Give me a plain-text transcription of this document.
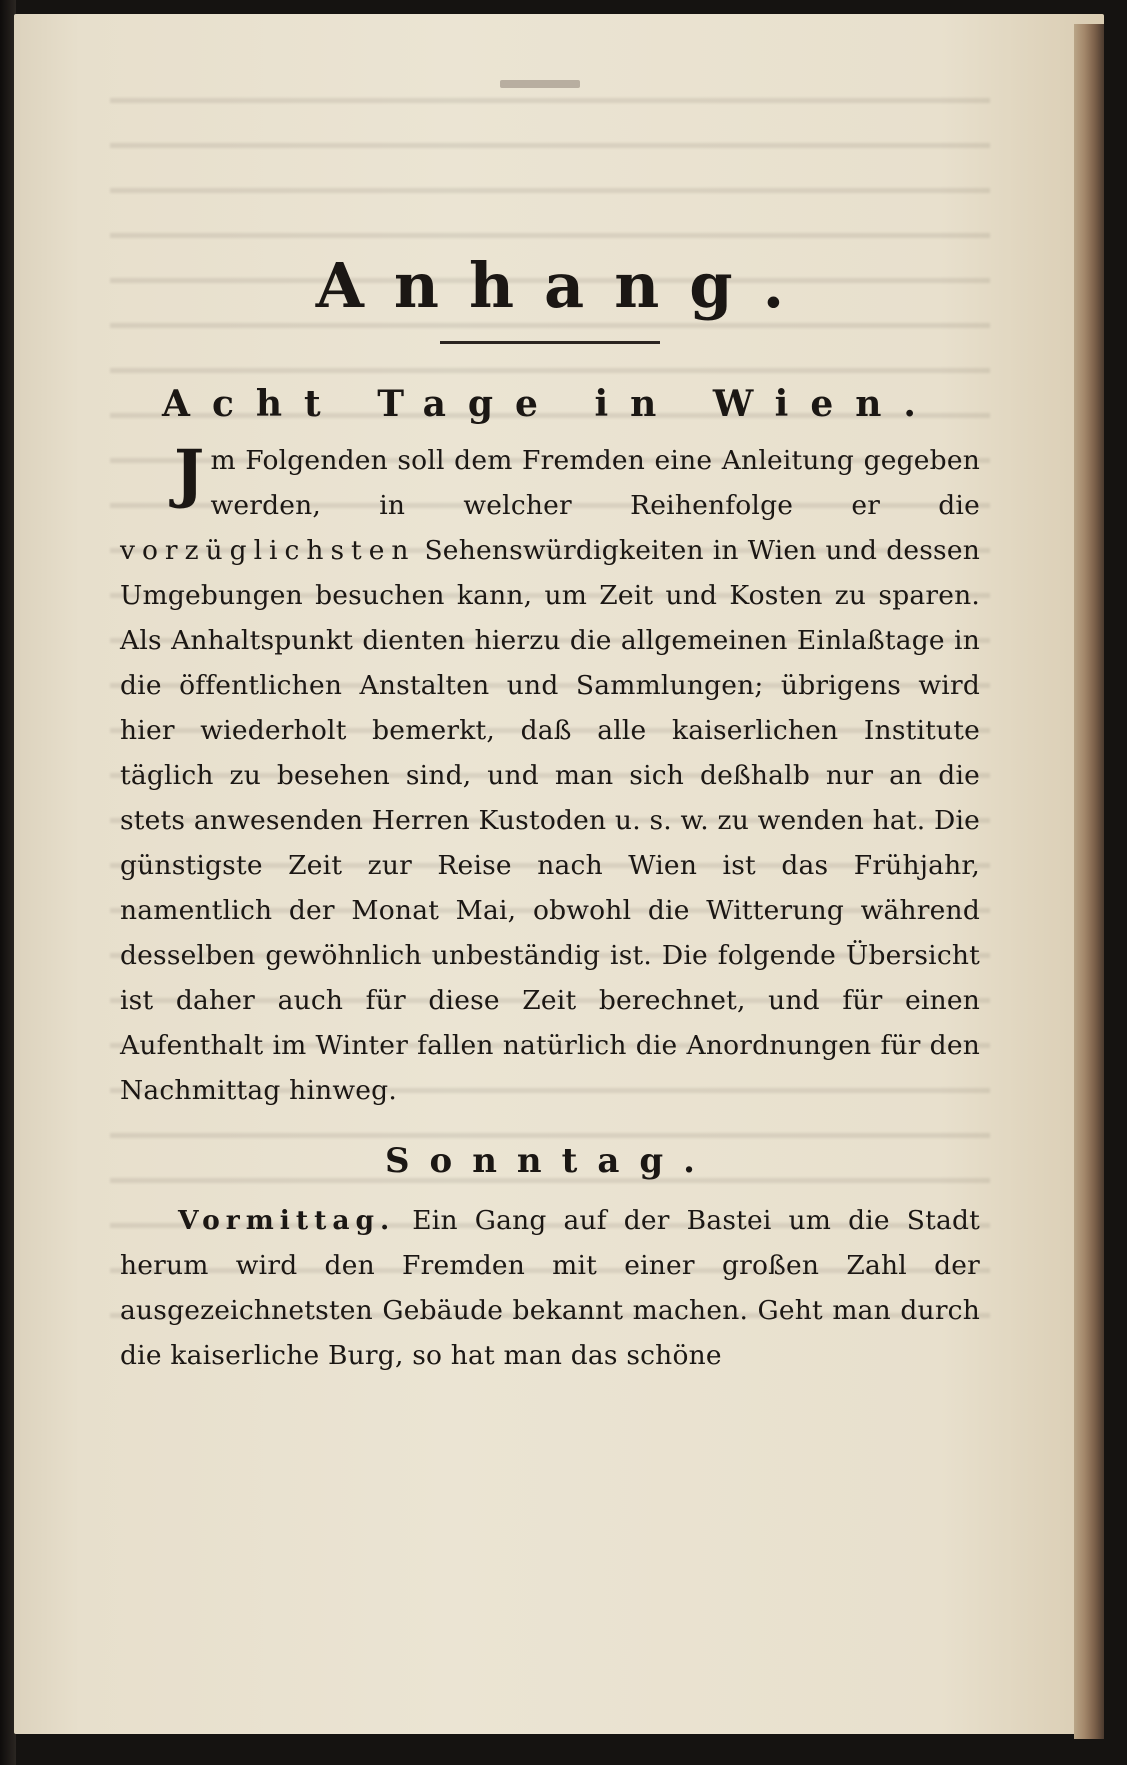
Anhang.
Acht Tage in Wien.
Jm Folgenden soll dem Fremden eine Anleitung gegeben werden, in welcher Reihenfolge er die vorzüglichsten Sehenswürdigkeiten in Wien und dessen Umgebungen besuchen kann, um Zeit und Kosten zu sparen. Als Anhaltspunkt dienten hierzu die allgemeinen Einlaßtage in die öffentlichen Anstalten und Sammlungen; übrigens wird hier wiederholt bemerkt, daß alle kaiserlichen Institute täglich zu besehen sind, und man sich deßhalb nur an die stets anwesenden Herren Kustoden u. s. w. zu wenden hat. Die günstigste Zeit zur Reise nach Wien ist das Frühjahr, namentlich der Monat Mai, obwohl die Witterung während desselben gewöhnlich unbeständig ist. Die folgende Übersicht ist daher auch für diese Zeit berechnet, und für einen Aufenthalt im Winter fallen natürlich die Anordnungen für den Nachmittag hinweg.
Sonntag.
Vormittag. Ein Gang auf der Bastei um die Stadt herum wird den Fremden mit einer großen Zahl der ausgezeichnetsten Gebäude bekannt machen. Geht man durch die kaiserliche Burg, so hat man das schöne
